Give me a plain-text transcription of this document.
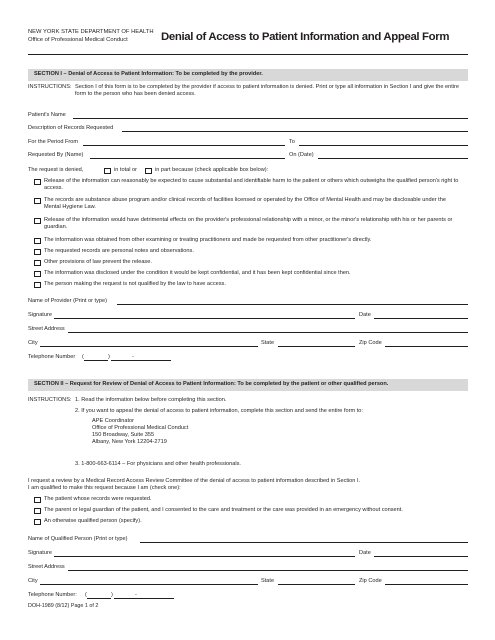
NEW YORK STATE DEPARTMENT OF HEALTH
Office of Professional Medical Conduct	Denial of Access to Patient Information and Appeal Form
SECTION I – Denial of Access to Patient Information: To be completed by the provider.
INSTRUCTIONS: Section I of this form is to be completed by the provider if access to patient information is denied. Print or type all information in Section I and give the entire form to the person who has been denied access.
Patient's Name
Description of Records Requested
For the Period From	To
Requested By (Name)	On (Date)
The request is denied,	in total or	in part because (check applicable box below):
Release of the information can reasonably be expected to cause substantial and identifiable harm to the patient or others which outweighs the qualified person's right to access.
The records are substance abuse program and/or clinical records of facilities licensed or operated by the Office of Mental Health and may be disclosable under the Mental Hygiene Law.
Release of the information would have detrimental effects on the provider's professional relationship with a minor, or the minor's relationship with his or her parents or guardian.
The information was obtained from other examining or treating practitioners and made be requested from other practitioner's directly.
The requested records are personal notes and observations.
Other provisions of law prevent the release.
The information was disclosed under the condition it would be kept confidential, and it has been kept confidential since then.
The person making the request is not qualified by the law to have access.
Name of Provider (Print or type)
Signature	Date
Street Address
City	State	Zip Code
Telephone Number (	)	-
SECTION II – Request for Review of Denial of Access to Patient Information: To be completed by the patient or other qualified person.
INSTRUCTIONS: 1. Read the information below before completing this section.
2. If you want to appeal the denial of access to patient information, complete this section and send the entire form to:
APE Coordinator
Office of Professional Medical Conduct
150 Broadway, Suite 355
Albany, New York 12204-2719
3. 1-800-663-6114 – For physicians and other health professionals.
I request a review by a Medical Record Access Review Committee of the denial of access to patient information described in Section I.
I am qualified to make this request because I am (check one):
The patient whose records were requested.
The parent or legal guardian of the patient, and I consented to the care and treatment or the care was provided in an emergency without consent.
An otherwise qualified person (specify).
Name of Qualified Person (Print or type)
Signature	Date
Street Address
City	State	Zip Code
Telephone Number: (	)	-
DOH-1989 (8/12) Page 1 of 2
